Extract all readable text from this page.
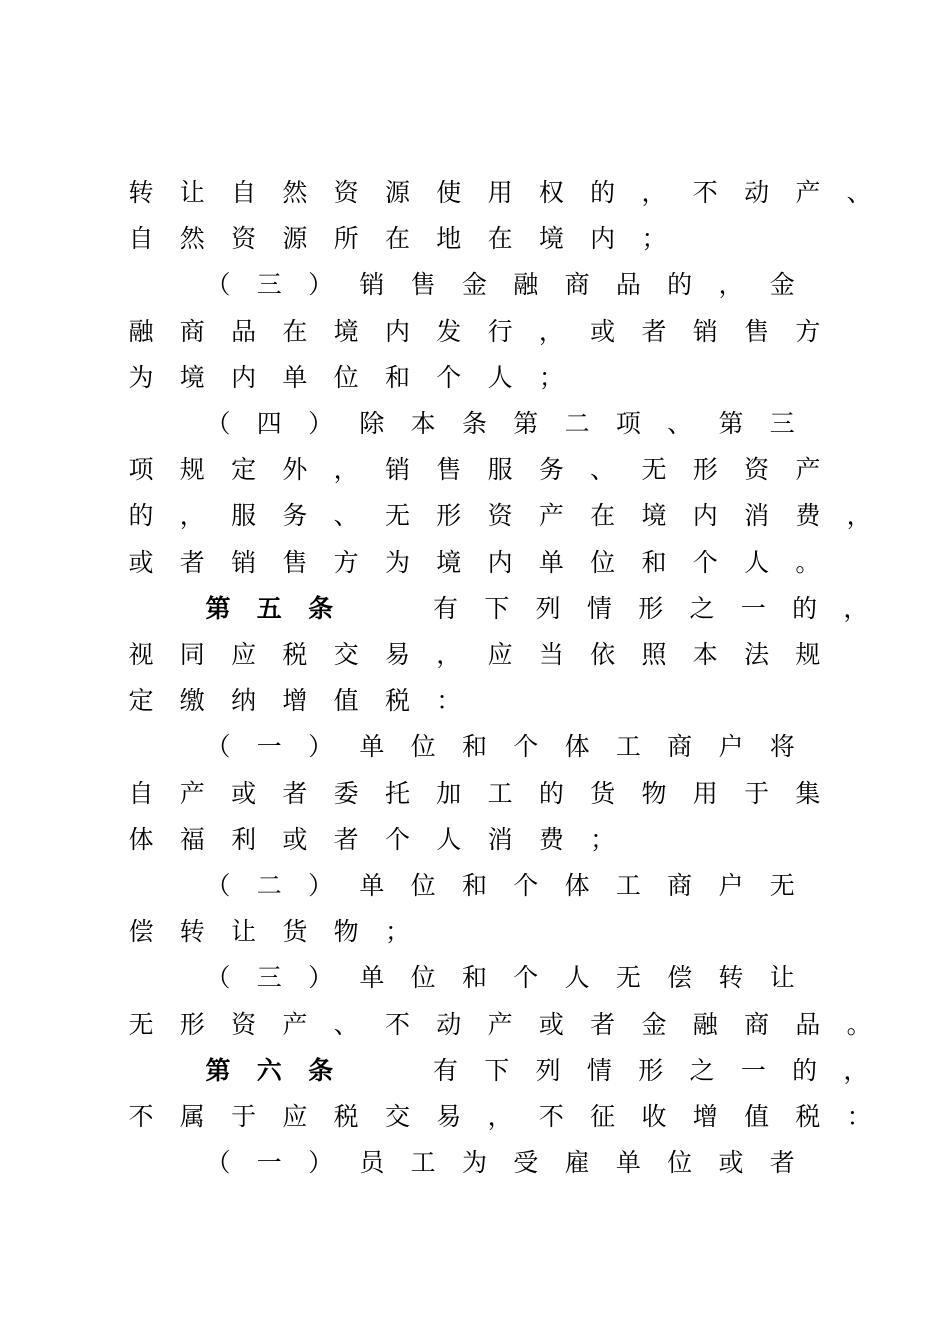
转 让 自 然 资 源 使 用 权 的 ， 不 动 产 、
自 然 资 源 所 在 地 在 境 内 ；
（ 三 ） 销 售 金 融 商 品 的 ， 金
融 商 品 在 境 内 发 行 ， 或 者 销 售 方
为 境 内 单 位 和 个 人 ；
（ 四 ） 除 本 条 第 二 项 、 第 三
项 规 定 外 ， 销 售 服 务 、 无 形 资 产
的 ， 服 务 、 无 形 资 产 在 境 内 消 费 ，
或 者 销 售 方 为 境 内 单 位 和 个 人 。
第 五 条	有 下 列 情 形 之 一 的 ，
视 同 应 税 交 易 ， 应 当 依 照 本 法 规
定 缴 纳 增 值 税 ：
（ 一 ） 单 位 和 个 体 工 商 户 将
自 产 或 者 委 托 加 工 的 货 物 用 于 集
体 福 利 或 者 个 人 消 费 ；
（ 二 ） 单 位 和 个 体 工 商 户 无
偿 转 让 货 物 ；
（ 三 ） 单 位 和 个 人 无 偿 转 让
无 形 资 产 、 不 动 产 或 者 金 融 商 品 。
第 六 条	有 下 列 情 形 之 一 的 ，
不 属 于 应 税 交 易 ， 不 征 收 增 值 税 ：
（ 一 ） 员 工 为 受 雇 单 位 或 者
